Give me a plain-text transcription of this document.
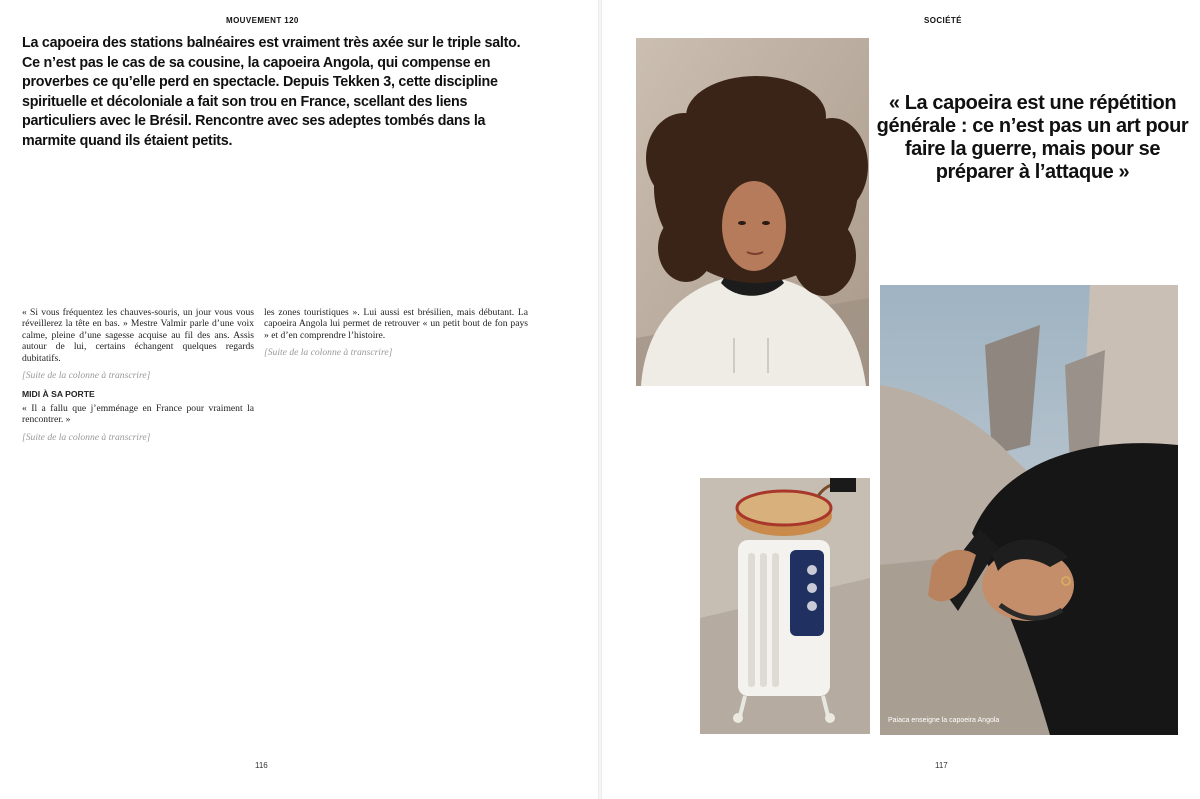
MOUVEMENT 120

La capoeira des stations balnéaires est vraiment très axée sur le triple salto. Ce n’est pas le cas de sa cousine, la capoeira Angola, qui compense en proverbes ce qu’elle perd en spectacle. Depuis Tekken 3, cette discipline spirituelle et décoloniale a fait son trou en France, scellant des liens particuliers avec le Brésil. Rencontre avec ses adeptes tombés dans la marmite quand ils étaient petits.

« Si vous fréquentez les chauves-souris, un jour vous vous réveillerez la tête en bas. » Mestre Valmir parle d’une voix calme, pleine d’une sagesse acquise au fil des ans. Assis autour de lui, certains échangent quelques regards dubitatifs.

[Suite de la colonne à transcrire]

MIDI À SA PORTE

« Il a fallu que j’emménage en France pour vraiment la rencontrer. »

[Suite de la colonne à transcrire]

les zones touristiques ». Lui aussi est brésilien, mais débutant. La capoeira Angola lui permet de retrouver « un petit bout de fon pays » et d’en comprendre l’histoire.

[Suite de la colonne à transcrire]

116
SOCIÉTÉ
Paiaca enseigne la capoeira Angola

« La capoeira est une répétition générale : ce n’est pas un art pour faire la guerre, mais pour se préparer à l’attaque »

117
